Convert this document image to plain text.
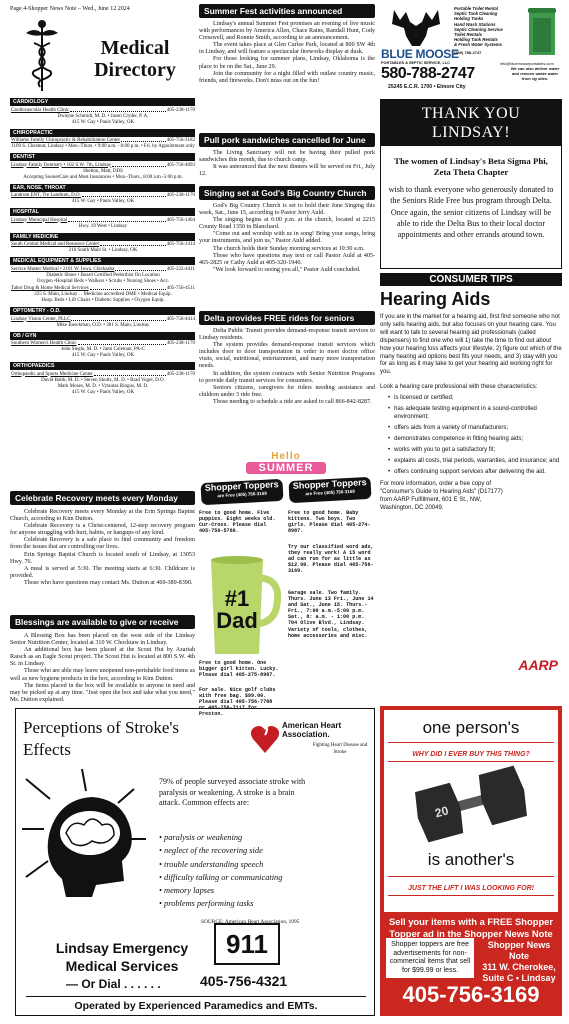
Page 4-Shopper News Note – Wed., June 12 2024
Medical
Directory
CARDIOLOGY
Cardiovascular Health Clinic	405-238-1170
Dwayne Schmidt, M. D. • Jason Cryder, P. A.
415 W. Gay • Pauls Valley, OK
CHIROPRACTIC
Williams Family Chiropractic & Rehabilitation Center	405-756-3182
1109 S. Chestnut, Lindsay • Mon.-Thurs. • 9:00 a.m. - 6:00 p.m. • Fri. by Appointment only
DENTIST
Lindsay Family Dentistry • 102 S.W. 7th, Lindsay	405-756-4093
Shelton, Matt, DDS
Accepting SoonerCare and Most Insurances • Mon.-Thurs., 8:00 a.m.-5:00 p.m.
EAR, NOSE, THROAT
Landrum ENT, Tre Landrum, D.O.	405-238-1170
415 W. Gay • Pauls Valley, OK
HOSPITAL
Lindsay Municipal Hospital	405-756-1404
Hwy. 19 West • Lindsay
FAMILY MEDICINE
South Central Medical and Resource Center	405-756-1414
216 South Main St. • Lindsay, OK
MEDICAL EQUIPMENT & SUPPLIES
Service Master Medical • 2101 W. Iowa, Chickasha	405-222-4411
Diabetic Shoes • Board Certified Pedorthist On Location
Oxygen •Hospital Beds • Walkers • Scrubs • Nursing Shoes • Acc.
Tabor Drug & Home Medical Services	405-756-4511
225 S. Main, Lindsay . . Medicine accredited DME • Medical Equip.
Hosp. Beds • Lift Chairs • Diabetic Supplies • Oxygen Equip.
OPTOMETRY - O.D.
Lindsay Vision Center, PLLC	405-756-4414
Mike Boeckman, O.D. • 301 S. Main, Lindsay
OB / GYN
Southern Women's Health Clinic	405-238-1170
John Siegle, M. D. • Jami Coleman, PA-C
415 W. Gay • Pauls Valley, OK
ORTHOPAEDICS
Orthopaedic and Sports Medicine Center	405-238-1170
David Bobb, M. D. • Steven Shultz, M. D. • Brad Vogel, D.O.
Mark Moses, M. D. • Vytautas Ringus, M. D.
415 W. Gay • Pauls Valley, OK
Celebrate Recovery meets every Monday
Celebrate Recovery meets every Monday at the Erin Springs Baptist Church, according to Kim Dutton.
Celebrate Recovery is a Christ-centered, 12-step recovery program for anyone struggling with hurt, habits, or hangups of any kind.
Celebrate Recovery is a safe place to find community and freedom from the issues that are controlling our lives.
Erin Springs Baptist Church is located south of Lindsay, at 13053 Hwy. 76.
A meal is served at 5:30. The meeting starts at 6:30. Childcare is provided.
Those who have questions may contact Ms. Dutton at 469-389-8390.
Blessings are available to give or receive
A Blessing Box has been placed on the west side of the Lindsay Senior Nutrition Center, located at 310 W. Chocktaw in Lindsay.
An additional box has been placed at the Scout Hut by Azariah Raisch as an Eagle Scout project. The Scout Hut is located at 800 S.W. 4th St. in Lindsay.
Those who are able may leave unopened non-perishable food items as well as new hygiene products in the box, according to Kim Dutton.
The items placed in the box will be available to anyone in need and may be picked up at any time. "Just open the box and take what you need," Ms. Dutton explained.
Summer Fest activities announced
Lindsay's annual Summer Fest promises an evening of live music with performances by America Allen, Chace Rains, Randall Hunt, Cody Cresswell, and Ronnie Smith, according to an announcement.
The event takes place at Glen Carlee Park, located at 800 SW 4th in Lindsay, and will feature a spectacular fireworks display at dusk.
For those looking for summer plans, Lindsay, Oklahoma is the place to be on the Sat., June 29.
Join the community for a night filled with outlaw country music, friends, and fireworks. Don't miss out on the fun!
Pull pork sandwiches cancelled for June
The Living Sanctuary will not be having their pulled pork sandwiches this month, due to church camp.
It was announced that the next dinners will be served on Fri., July 12.
Singing set at God's Big Country Church
God's Big Country Church is set to hold their June Singing this week, Sat., June 15, according to Pastor Jerry Auld.
The singing begins at 6:00 p.m. at the church, located at 2215 County Road 1350 in Blanchard.
"Come out and worship with us in song! Bring your songs, bring your instruments, and join us," Pastor Auld added.
The church holds their Sunday morning services at 10:30 a.m.
Those who have questions may text or call Pastor Auld at 405-465-2825 or Cathy Auld at 405-320-1940.
"We look forward to seeing you all," Pastor Auld concluded.
Delta provides FREE rides for seniors
Delta Public Transit provides demand-response transit services to Lindsay residents.
The system provides demand-response transit services which includes door to door transportation in order to meet doctor office visits, social, nutritional, entertainment, and many more transportation needs.
In addition, the system contracts with Senior Nutrition Programs to provide daily transit services for consumers.
Seniors citizens, caregivers for riders needing assistance and children under 3 ride free.
Those needing to schedule a ride are asked to call 866-842-8287.
Hello
SUMMER
Shopper Toppers
are Free (405) 756-3169
Shopper Toppers
are Free (405) 756-3169
Free to good home. Five puppies. Eight weeks old. Cur-Cross. Please dial 405-756-5760.
#1
Dad
Free to good home. One bigger girl kitten. Lucky. Please dial 405-275-8987.
For sale. Nice golf clubs with free bag. $99.00. Please dial 405-756-7788 or 405-756-7117 for Preston.
Free to good home. Baby kittens. Two boys. Two girls. Please dial 405-274-8987.
Try our classified word ads, they really work! A 15 word ad can run for as little as $12.00. Please dial 405-756-3169.
Garage sale. Two family. Thurs. June 13 Fri., June 14 and Sat., June 15. Thurs.-Fri., 7:00 a.m.-5:00 p.m. Sat., 8: a.m. - 1:00 p.m. 704 Olive Blvd., Lindsay. Variety of tools, clothes, home accessories and misc.
BLUE MOOSE
PORTABLES & SEPTIC SERVICE, LLC
Portable Toilet Rental
Septic Tank Cleaning
Holding Tanks
Hand Wash Stations
Septic Cleaning Service
Toilet Rentals
Holding Tank Rentals
& Fresh Water Systems
(580) 788-2747
info@bluemooseportables.com
580-788-2747	We can also deliver water and remove waste water from rig sites.
25245 E.C.R. 1700 • Elmore City
THANK YOU LINDSAY!
The women of Lindsay's Beta Sigma Phi, Zeta Theta Chapter
wish to thank everyone who generously donated to the Seniors Ride Free bus program through Delta. Once again, the senior citizens of Lindsay will be able to ride the Delta Bus to their local doctor appointments and other errands around town.
CONSUMER TIPS
Hearing Aids
If you are in the market for a hearing aid, first find someone who not only sells hearing aids, but also focuses on your hearing care. You will want to talk to several hearing aid professionals (called dispensers) to find one who will 1) take the time to find out about how your hearing loss affects your lifestyle, 2) figure out which of the many hearing aid options best fits your needs, and 3) stay with you for as long as it may take to get your hearing aid working right for you.
Look a hearing care professional with these characteristics:
• is licensed or certified;
• has adequate testing equipment in a sound-controlled environment;
• offers aids from a variety of manufacturers;
• demonstrates competence in fitting hearing aids;
• works with you to get a satisfactory fit;
• explains all costs, trial periods, warranties, and insurance; and
• offers continuing support services after delivering the aid.
For more information, order a free copy of "Consumer's Guide to Hearing Aids" (D17177) from AARP Fulfillment, 601 E St., NW, Washington, DC 20049.
AARP
Perceptions of Stroke's
Effects
American Heart Association.
Fighting Heart Disease and Stroke
79% of people surveyed associate stroke with paralysis or weakening. A stroke is a brain attack. Common effects are:
• paralysis or weakening
• neglect of the recovering side
• trouble understanding speech
• difficulty talking or communicating
• memory lapses
• problems performing tasks
SOURCE: American Heart Association, 1995
Lindsay Emergency
Medical Services
— Or Dial . . . . . .
911
405-756-4321
Operated by Experienced Paramedics and EMTs.
one person's
WHY DID I EVER BUY THIS THING?
20
is another's
JUST THE LIFT I WAS LOOKING FOR!
Sell your items with a FREE Shopper Topper ad in the Shopper News Note
Shopper toppers are free advertisements for non-commercial items that sell for $99.99 or less.
Shopper News Note
311 W. Cherokee,
Suite C • Lindsay
405-756-3169
